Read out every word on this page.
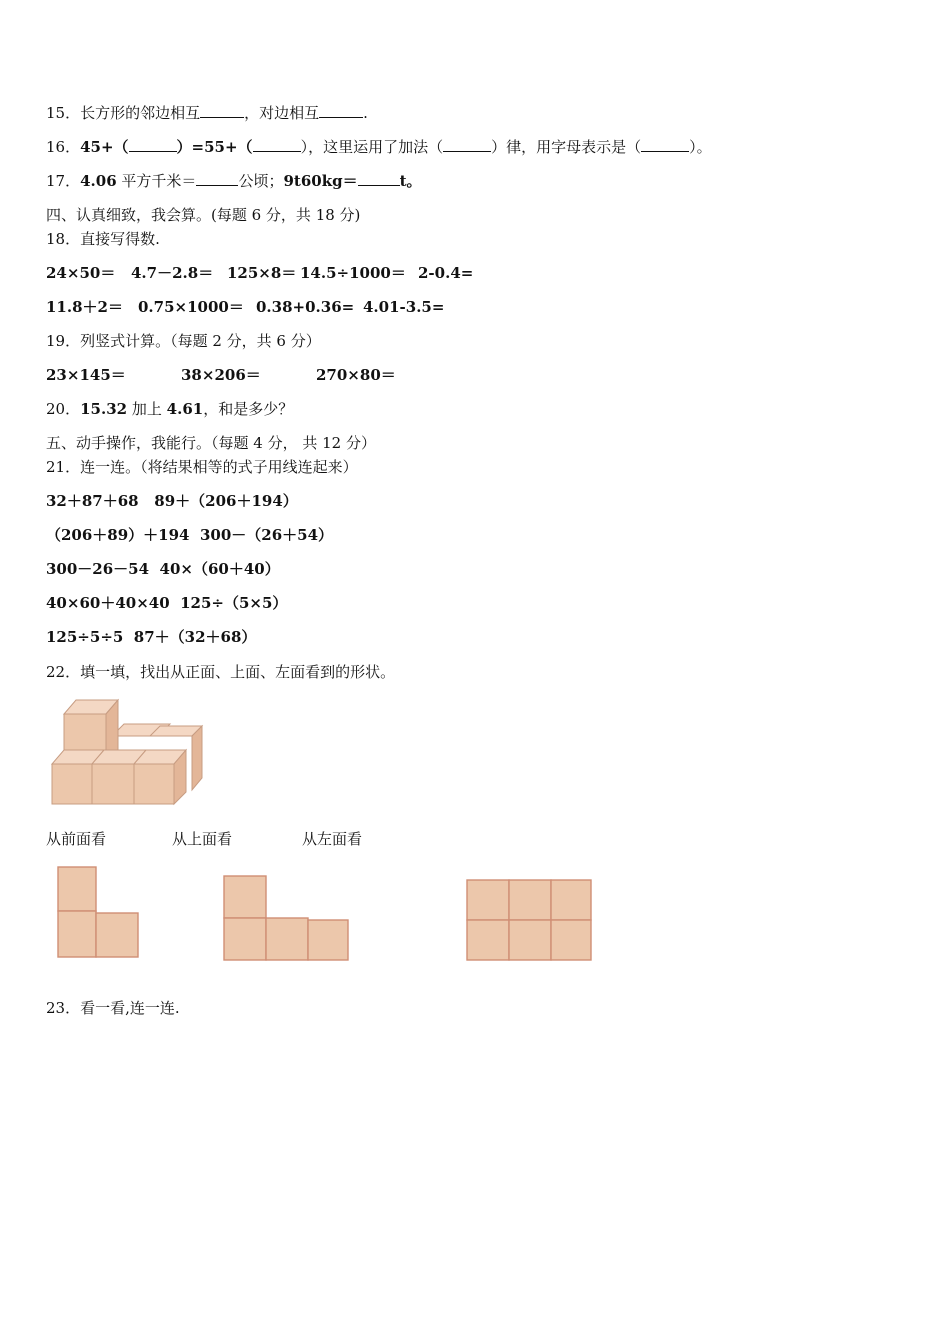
15．长方形的邻边相互	，对边相互	.
16．45+（	）=55+（	），这里运用了加法（	）律，用字母表示是（	）。
17．4.06 平方千米＝	公顷；9t60kg＝	t。
四、认真细致，我会算。(每题 6 分，共 18 分)
18．直接写得数.
24×50＝ 4.7－2.8＝ 125×8＝ 14.5÷1000＝ 2-0.4=
11.8＋2＝ 0.75×1000＝ 0.38+0.36= 4.01-3.5=
19．列竖式计算。（每题 2 分，共 6 分）
23×145＝	38×206＝	270×80＝
20．15.32 加上 4.61，和是多少？
五、动手操作，我能行。（每题 4 分， 共 12 分）
21．连一连。（将结果相等的式子用线连起来）
32＋87＋68 89＋（206＋194）
（206＋89）＋194 300－（26＋54）
300－26－54 40×（60＋40）
40×60＋40×40 125÷（5×5）
125÷5÷5 87＋（32＋68）
22．填一填，找出从正面、上面、左面看到的形状。
从前面看	从上面看	从左面看
23．看一看,连一连.
